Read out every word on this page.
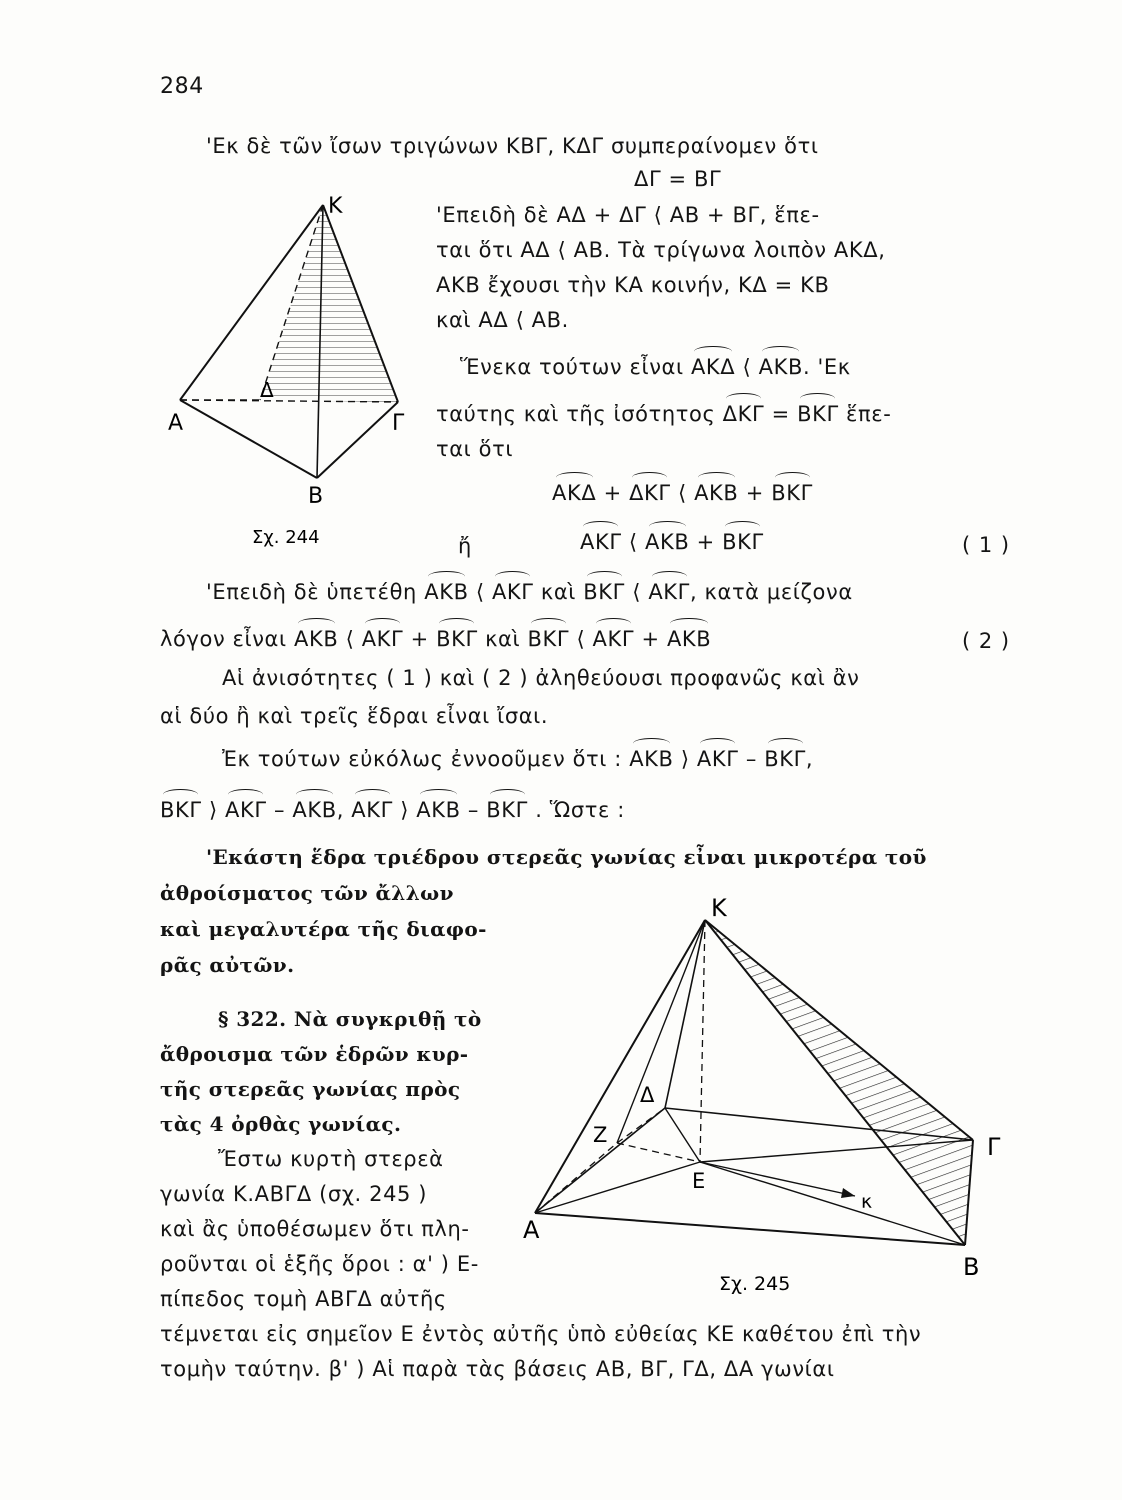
284
'Εκ δὲ τῶν ἴσων τριγώνων ΚΒΓ, ΚΔΓ συμπεραίνομεν ὅτι
ΔΓ = ΒΓ
'Επειδὴ δὲ ΑΔ + ΔΓ ⟨ ΑΒ + ΒΓ, ἕπε-
ται ὅτι ΑΔ ⟨ ΑΒ. Τὰ τρίγωνα λοιπὸν ΑΚΔ,
ΑΚΒ ἔχουσι τὴν ΚΑ κοινήν, ΚΔ = ΚΒ
καὶ ΑΔ ⟨ ΑΒ.
Ἕνεκα τούτων εἶναι ΑΚΔ ⟨ ΑΚΒ. 'Εκ
ταύτης καὶ τῆς ἰσότητος ΔΚΓ = ΒΚΓ ἕπε-
ται ὅτι
ΑΚΔ + ΔΚΓ ⟨ ΑΚΒ + ΒΚΓ
ἤ	ΑΚΓ ⟨ ΑΚΒ + ΒΚΓ	( 1 )
'Επειδὴ δὲ ὑπετέθη ΑΚΒ ⟨ ΑΚΓ καὶ ΒΚΓ ⟨ ΑΚΓ, κατὰ μείζονα
λόγον εἶναι ΑΚΒ ⟨ ΑΚΓ + ΒΚΓ καὶ ΒΚΓ ⟨ ΑΚΓ + ΑΚΒ	( 2 )
Αἱ ἀνισότητες ( 1 ) καὶ ( 2 ) ἀληθεύουσι προφανῶς καὶ ἂν
αἱ δύο ἢ καὶ τρεῖς ἕδραι εἶναι ἴσαι.
Ἐκ τούτων εὐκόλως ἐννοοῦμεν ὅτι : ΑΚΒ ⟩ ΑΚΓ – ΒΚΓ,
ΒΚΓ ⟩ ΑΚΓ – ΑΚΒ, ΑΚΓ ⟩ ΑΚΒ – ΒΚΓ . Ὥστε :
'Εκάστη ἕδρα τριέδρου στερεᾶς γωνίας εἶναι μικροτέρα τοῦ
ἀθροίσματος τῶν ἄλλων
καὶ μεγαλυτέρα τῆς διαφο-
ρᾶς αὐτῶν.
§ 322. Νὰ συγκριθῇ τὸ
ἄθροισμα τῶν ἑδρῶν κυρ-
τῆς στερεᾶς γωνίας πρὸς
τὰς 4 ὀρθὰς γωνίας.
Ἔστω κυρτὴ στερεὰ
γωνία Κ.ΑΒΓΔ (σχ. 245 )
καὶ ἂς ὑποθέσωμεν ὅτι πλη-
ροῦνται οἱ ἑξῆς ὅροι : α' ) Ε-
πίπεδος τομὴ ΑΒΓΔ αὐτῆς
τέμνεται εἰς σημεῖον Ε ἐντὸς αὐτῆς ὑπὸ εὐθείας ΚΕ καθέτου ἐπὶ τὴν
τομὴν ταύτην. β' ) Αἱ παρὰ τὰς βάσεις ΑΒ, ΒΓ, ΓΔ, ΔΑ γωνίαι
Κ
Α	Γ
Β
Δ
Σχ. 244
Κ
Α
Γ
Β
Δ
Ζ
Ε
κ
Σχ. 245
